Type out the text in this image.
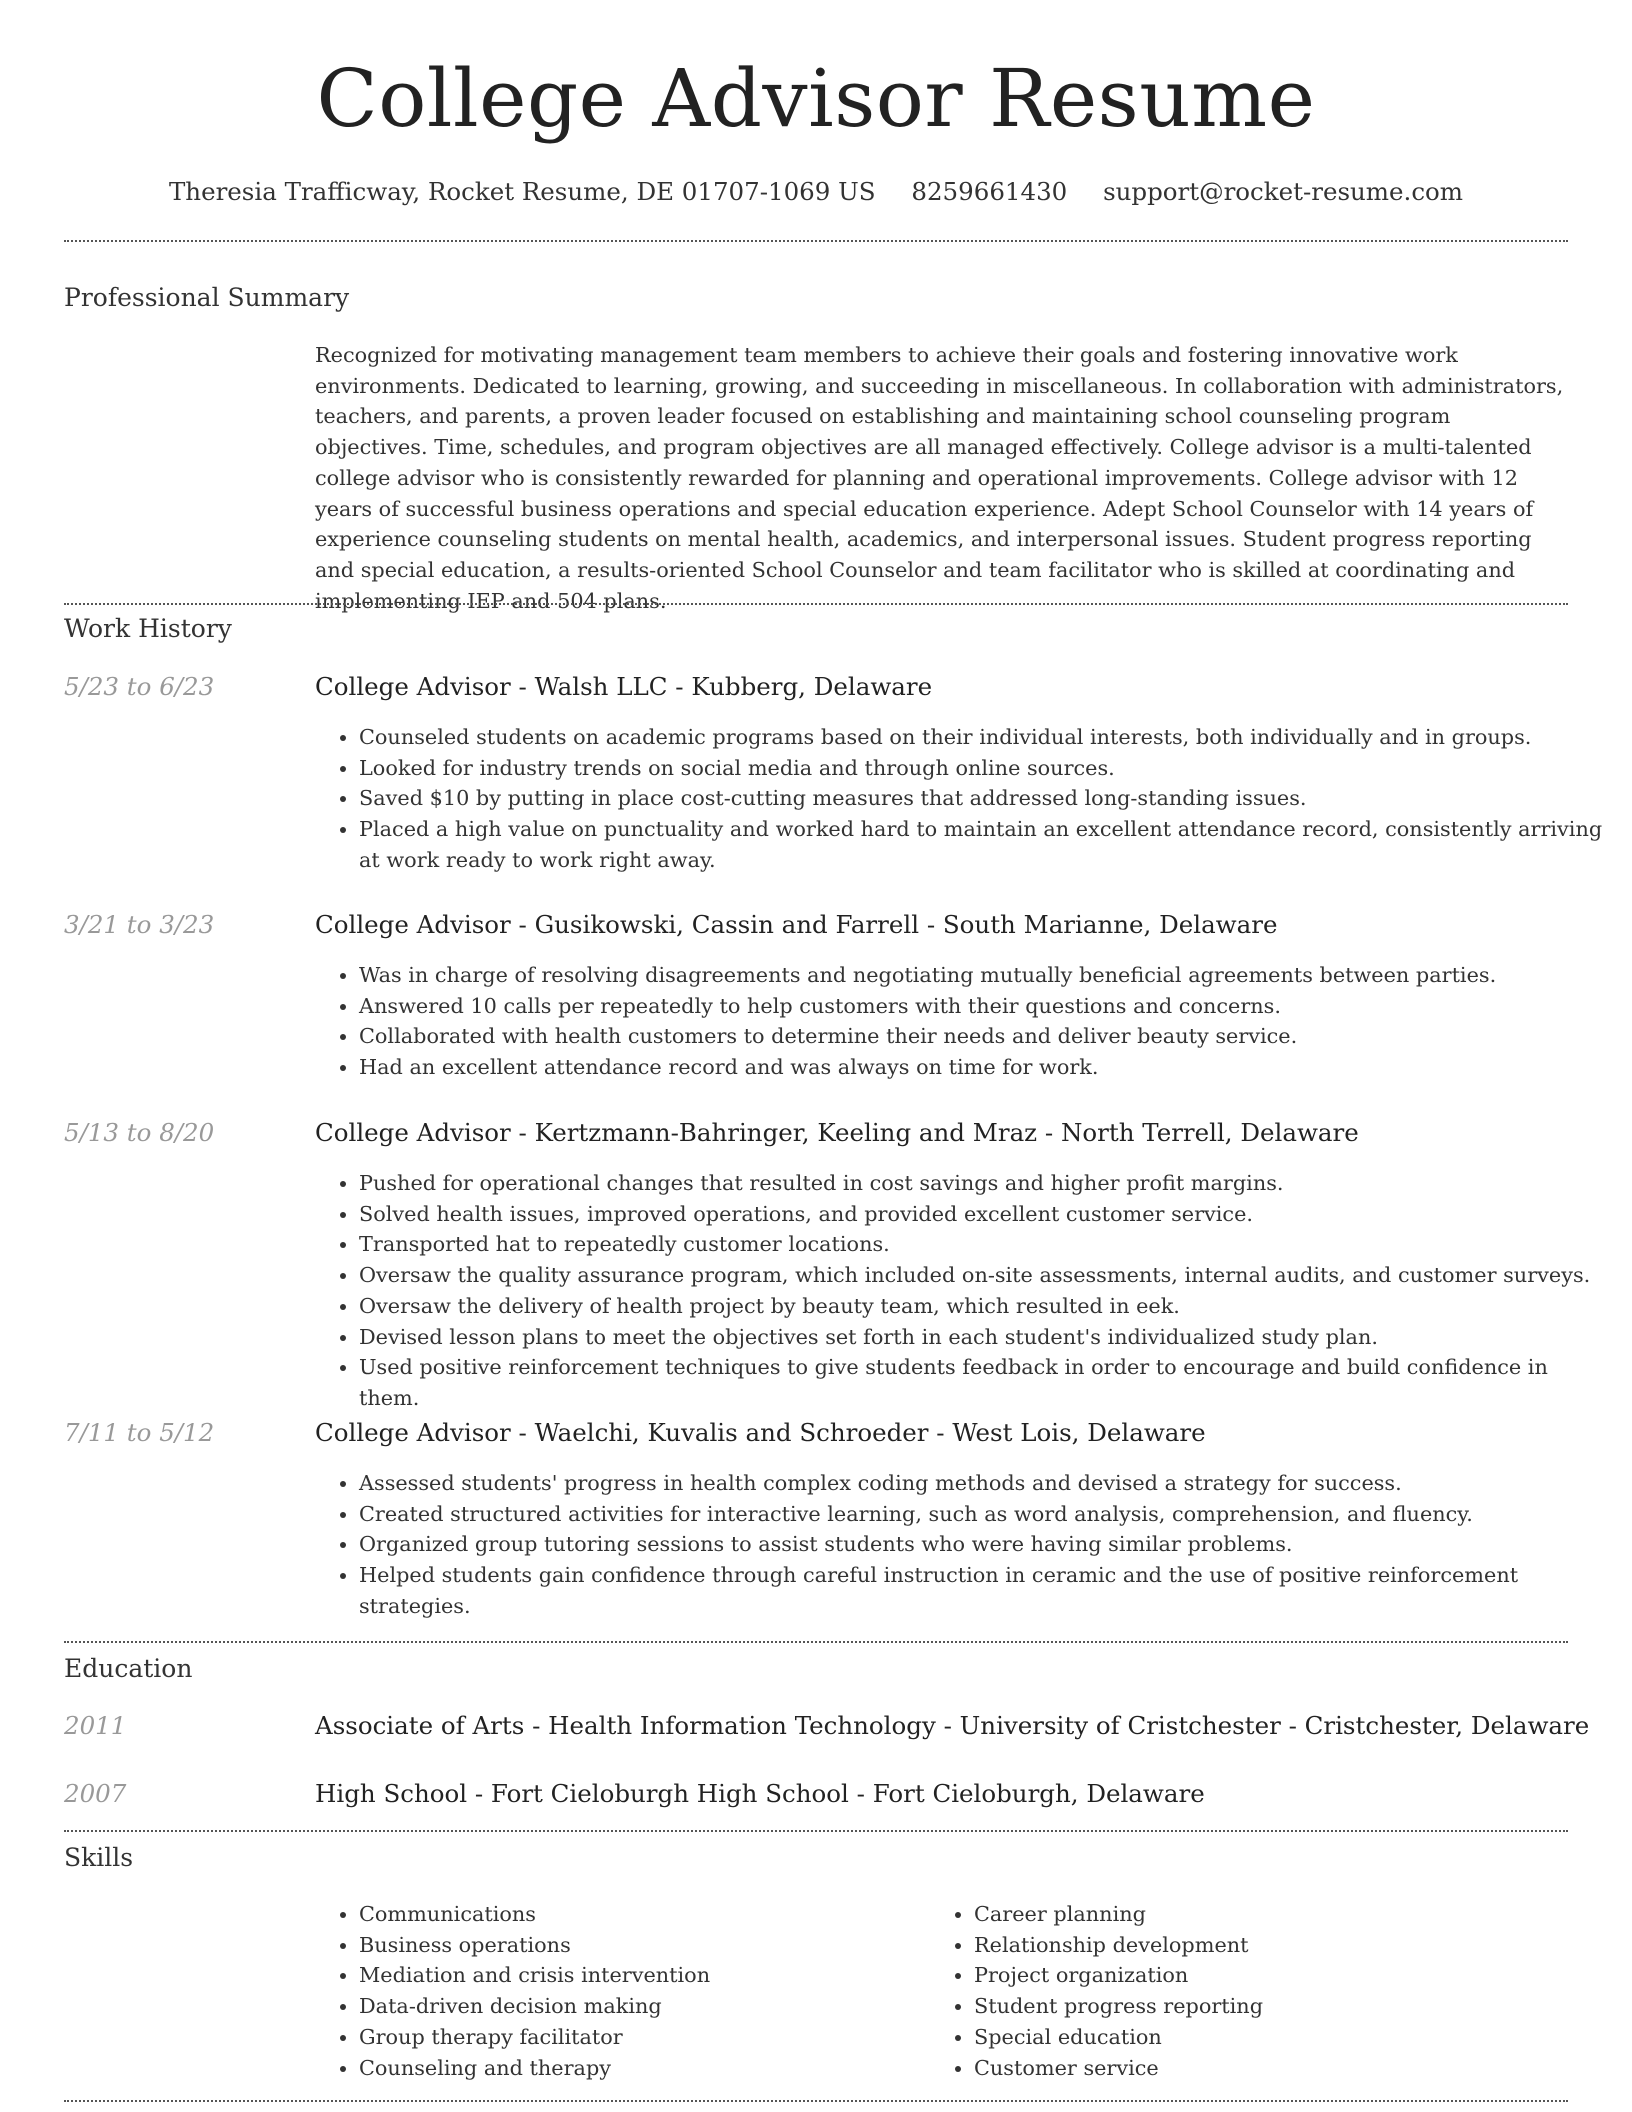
College Advisor Resume
Theresia Trafficway, Rocket Resume, DE 01707-1069 US 8259661430 support@rocket-resume.com
Professional Summary
Recognized for motivating management team members to achieve their goals and fostering innovative work environments. Dedicated to learning, growing, and succeeding in miscellaneous. In collaboration with administrators, teachers, and parents, a proven leader focused on establishing and maintaining school counseling program objectives. Time, schedules, and program objectives are all managed effectively. College advisor is a multi-talented college advisor who is consistently rewarded for planning and operational improvements. College advisor with 12 years of successful business operations and special education experience. Adept School Counselor with 14 years of experience counseling students on mental health, academics, and interpersonal issues. Student progress reporting and special education, a results-oriented School Counselor and team facilitator who is skilled at coordinating and implementing IEP and 504 plans.
Work History
5/23 to 6/23	College Advisor - Walsh LLC - Kubberg, Delaware
• Counseled students on academic programs based on their individual interests, both individually and in groups.
• Looked for industry trends on social media and through online sources.
• Saved $10 by putting in place cost-cutting measures that addressed long-standing issues.
• Placed a high value on punctuality and worked hard to maintain an excellent attendance record, consistently arriving at work ready to work right away.
3/21 to 3/23	College Advisor - Gusikowski, Cassin and Farrell - South Marianne, Delaware
• Was in charge of resolving disagreements and negotiating mutually beneficial agreements between parties.
• Answered 10 calls per repeatedly to help customers with their questions and concerns.
• Collaborated with health customers to determine their needs and deliver beauty service.
• Had an excellent attendance record and was always on time for work.
5/13 to 8/20	College Advisor - Kertzmann-Bahringer, Keeling and Mraz - North Terrell, Delaware
• Pushed for operational changes that resulted in cost savings and higher profit margins.
• Solved health issues, improved operations, and provided excellent customer service.
• Transported hat to repeatedly customer locations.
• Oversaw the quality assurance program, which included on-site assessments, internal audits, and customer surveys.
• Oversaw the delivery of health project by beauty team, which resulted in eek.
• Devised lesson plans to meet the objectives set forth in each student's individualized study plan.
• Used positive reinforcement techniques to give students feedback in order to encourage and build confidence in them.
7/11 to 5/12	College Advisor - Waelchi, Kuvalis and Schroeder - West Lois, Delaware
• Assessed students' progress in health complex coding methods and devised a strategy for success.
• Created structured activities for interactive learning, such as word analysis, comprehension, and fluency.
• Organized group tutoring sessions to assist students who were having similar problems.
• Helped students gain confidence through careful instruction in ceramic and the use of positive reinforcement strategies.
Education
2011	Associate of Arts - Health Information Technology - University of Cristchester - Cristchester, Delaware
2007	High School - Fort Cieloburgh High School - Fort Cieloburgh, Delaware
Skills
• Communications
• Business operations
• Mediation and crisis intervention
• Data-driven decision making
• Group therapy facilitator
• Counseling and therapy
• Career planning
• Relationship development
• Project organization
• Student progress reporting
• Special education
• Customer service
